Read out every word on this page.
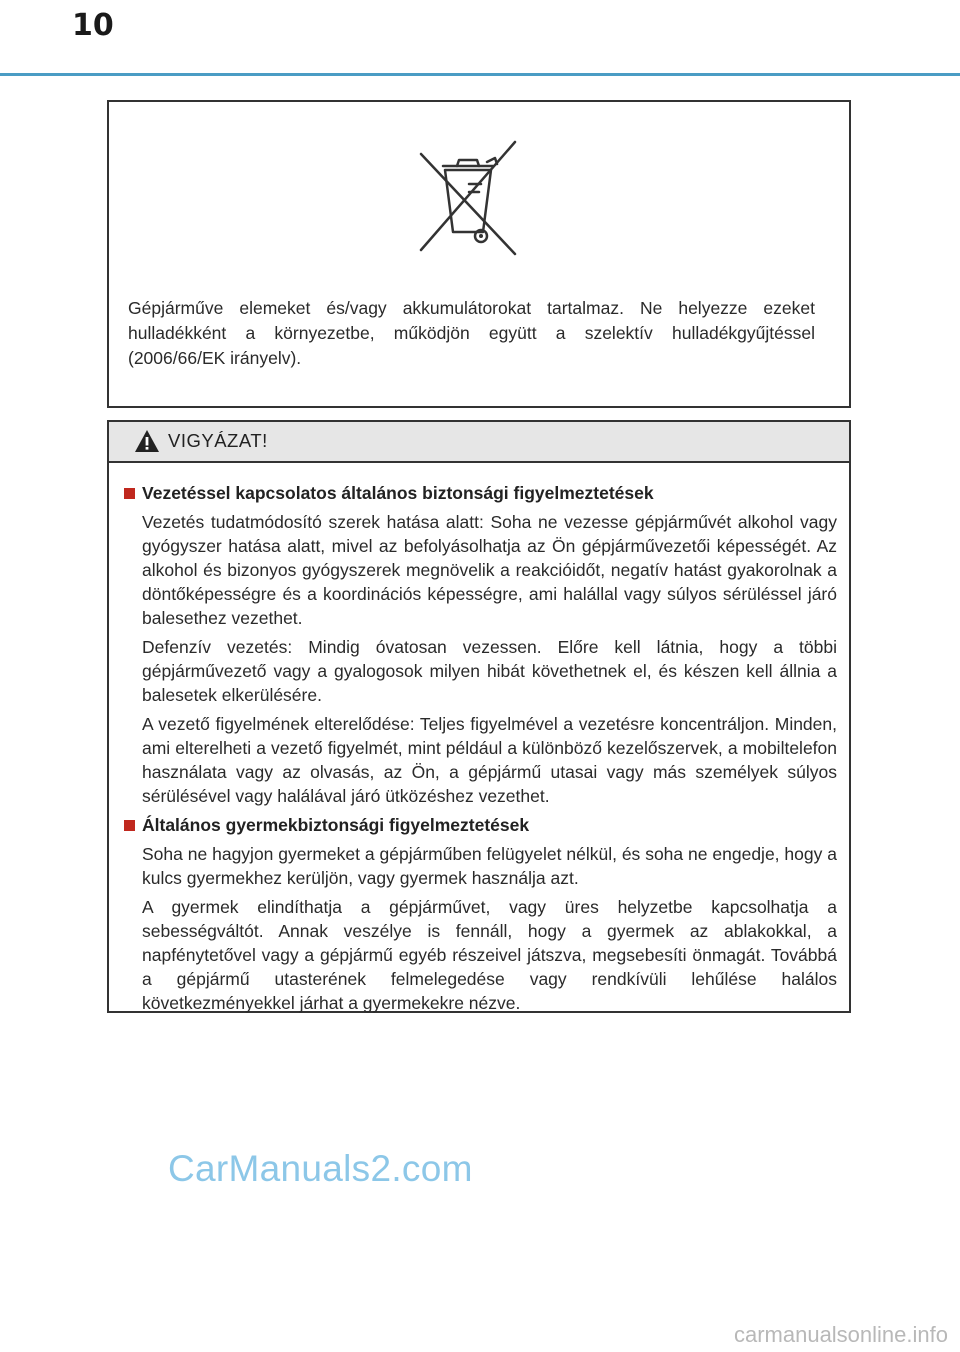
10

Gépjárműve elemeket és/vagy akkumulátorokat tartalmaz. Ne helyezze ezeket hulladékként a környezetbe, működjön együtt a szelektív hulladékgyűjtéssel (2006/66/EK irányelv).

VIGYÁZAT!
Vezetéssel kapcsolatos általános biztonsági figyelmeztetések

Vezetés tudatmódosító szerek hatása alatt: Soha ne vezesse gépjárművét alkohol vagy gyógyszer hatása alatt, mivel az befolyásolhatja az Ön gépjárművezetői képességét. Az alkohol és bizonyos gyógyszerek megnövelik a reakcióidőt, negatív hatást gyakorolnak a döntőképességre és a koordinációs képességre, ami halállal vagy súlyos sérüléssel járó balesethez vezethet.

Defenzív vezetés: Mindig óvatosan vezessen. Előre kell látnia, hogy a többi gépjárművezető vagy a gyalogosok milyen hibát követhetnek el, és készen kell állnia a balesetek elkerülésére.

A vezető figyelmének elterelődése: Teljes figyelmével a vezetésre koncentráljon. Minden, ami elterelheti a vezető figyelmét, mint például a különböző kezelőszervek, a mobiltelefon használata vagy az olvasás, az Ön, a gépjármű utasai vagy más személyek súlyos sérülésével vagy halálával járó ütközéshez vezethet.

Általános gyermekbiztonsági figyelmeztetések

Soha ne hagyjon gyermeket a gépjárműben felügyelet nélkül, és soha ne engedje, hogy a kulcs gyermekhez kerüljön, vagy gyermek használja azt.

A gyermek elindíthatja a gépjárművet, vagy üres helyzetbe kapcsolhatja a sebességváltót. Annak veszélye is fennáll, hogy a gyermek az ablakokkal, a napfénytetővel vagy a gépjármű egyéb részeivel játszva, megsebesíti önmagát. Továbbá a gépjármű utasterének felmelegedése vagy rendkívüli lehűlése halálos következményekkel járhat a gyermekekre nézve.

CarManuals2.com
carmanualsonline.info
